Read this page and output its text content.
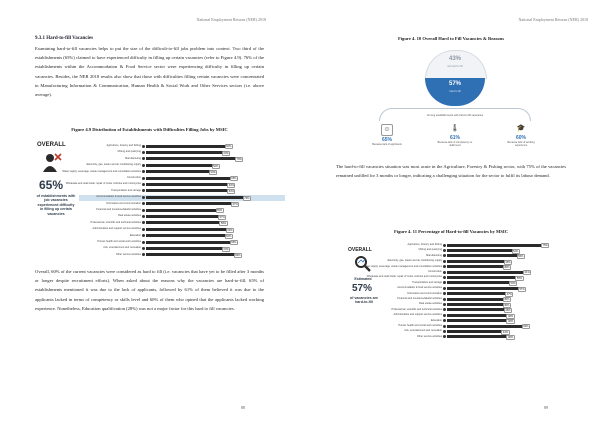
National Employment Returns (NER) 2018
9.3.1 Hard-to-fill Vacancies

Examining hard-to-fill vacancies helps to put the size of the difficult-to-fill jobs problem into context. Two third of the establishments (65%) claimed to have experienced difficulty in filling up certain vacancies (refer to Figure 4.9). 76% of the establishments within the Accommodation & Food Service sector were experiencing difficulty in filling up certain vacancies. Besides, the NER 2018 results also show that those with difficulties filling certain vacancies were concentrated in Manufacturing Information & Communication, Human Health & Social Work and Other Services sectors (i.e. above average).

Figure 4.9 Distribution of Establishments with Difficulties Filling Jobs by MSIC
OVERALL
65%
of establishments with job vacancies experienced difficulty in filling up certain vacancies
Agriculture, forestry and fishing	62%
Mining and quarrying	60%
Manufacturing	70%
Electricity, gas, steam and air conditioning supply	52%
Water supply, sewerage, waste management and remediation activities	50%
Construction	66%
Wholesale and retail trade; repair of motor vehicles and motorcycles	64%
Transportation and storage	64%
Accommodation & food service activities	76%
Information and communication	67%
Financial and insurance/takaful activities	55%
Real estate activities	57%
Professional, scientific and technical activities	58%
Administrative and support service activities	63%
Education	62%
Human health and social work activities	66%
Arts, entertainment and recreation	60%
Other service activities	69%

Overall, 60% of the current vacancies were considered as hard to fill (i.e. vacancies that have yet to be filled after 3 months or longer despite recruitment efforts). When asked about the reasons why the vacancies are hard-to-fill, 65% of establishments mentioned it was due to the lack of applicants, followed by 61% of them believed it was due to the applicants lacked in terms of competency or skills level and 60% of them who opined that the applicants lacked working experience. Nonetheless, Education qualification (28%) was not a major factor for this hard to fill vacancies.

88
National Employment Returns (NER) 2018
89
Figure 4. 10 Overall Hard to Fill Vacancies & Reasons
43%
not hard to fill
57%
hard to fill
Among establishments with hard-to-fill vacancies
☺
65%
Because lack of applicants
🌡
61%
Because lack of competency or skills level
🎓
60%
Because lack of working experience

The hard-to-fill vacancies situation was most acute in the Agriculture, Forestry & Fishing sector, with 75% of the vacancies remained unfilled for 3 months or longer, indicating a challenging situation for the sector to fulfil its labour demand.

Figure 4. 11 Percentage of Hard-to-fill Vacancies by MSIC
OVERALL
Estimated
57%
of vacancies are hard-to-fill
Agriculture, forestry and fishing	75%
Mining and quarrying	52%
Manufacturing	56%
Electricity, gas, steam and air conditioning supply	46%
Water supply, sewerage, waste management and remediation activities	45%
Construction	61%
Wholesale and retail trade; repair of motor vehicles and motorcycles	55%
Transportation and storage	50%
Accommodation & food service activities	57%
Information and communication	47%
Financial and insurance/takaful activities	45%
Real estate activities	45%
Professional, scientific and technical activities	46%
Administrative and support service activities	48%
Education	48%
Human health and social work activities	60%
Arts, entertainment and recreation	44%
Other service activities	48%
